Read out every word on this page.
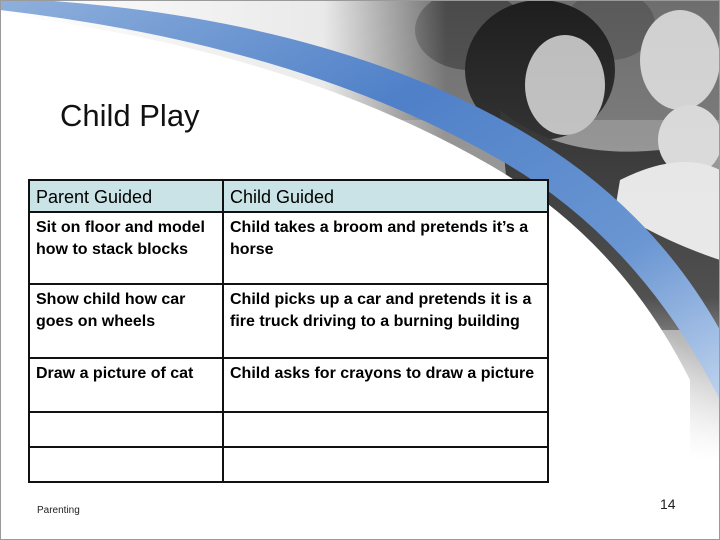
Child Play
Parent Guided	Child Guided
Sit on floor and model how to stack blocks	Child takes a broom and pretends it’s a horse
Show child how car goes on wheels	Child picks up a car and pretends it is a fire truck driving to a burning building
Draw a picture of cat	Child asks for crayons to draw a picture

Parenting	14
